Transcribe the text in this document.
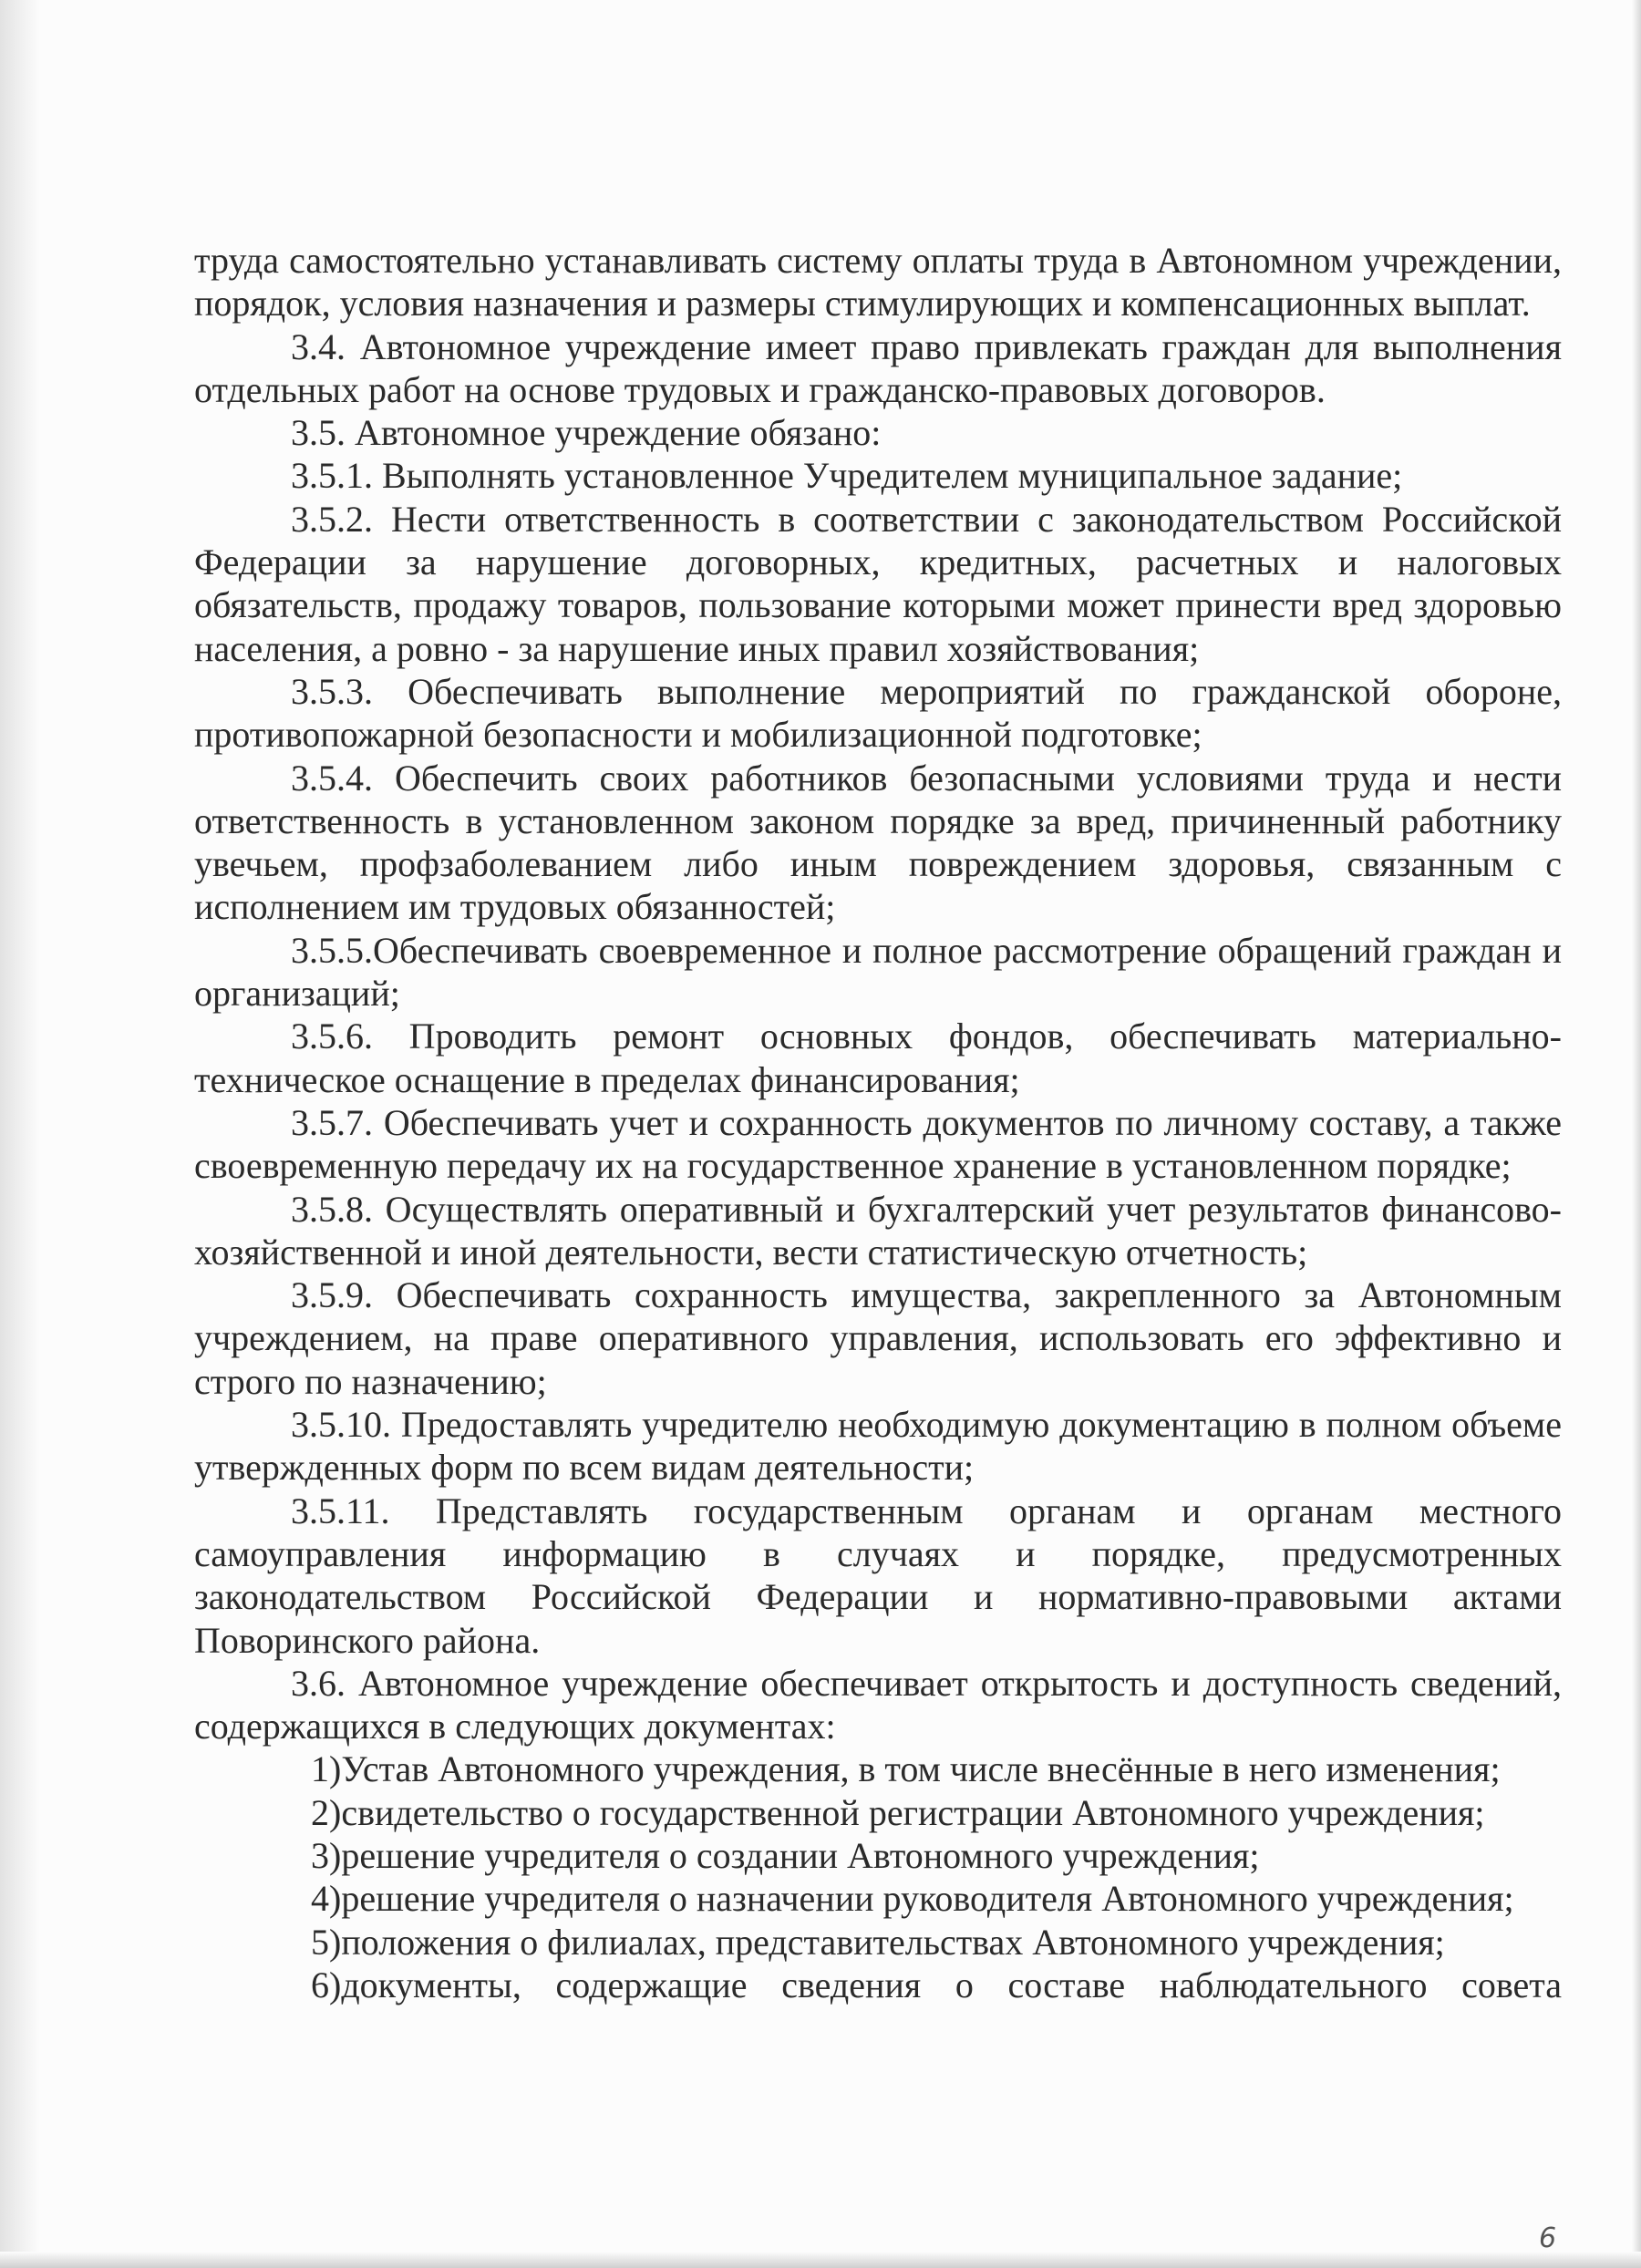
труда самостоятельно устанавливать систему оплаты труда в Автономном учреждении, порядок, условия назначения и размеры стимулирующих и компенсационных выплат.

3.4. Автономное учреждение имеет право привлекать граждан для выполнения отдельных работ на основе трудовых и гражданско-правовых договоров.

3.5. Автономное учреждение обязано:

3.5.1. Выполнять установленное Учредителем муниципальное задание;

3.5.2. Нести ответственность в соответствии с законодательством Российской Федерации за нарушение договорных, кредитных, расчетных и налоговых обязательств, продажу товаров, пользование которыми может принести вред здоровью населения, а ровно - за нарушение иных правил хозяйствования;

3.5.3. Обеспечивать выполнение мероприятий по гражданской обороне, противопожарной безопасности и мобилизационной подготовке;

3.5.4. Обеспечить своих работников безопасными условиями труда и нести ответственность в установленном законом порядке за вред, причиненный работнику увечьем, профзаболеванием либо иным повреждением здоровья, связанным с исполнением им трудовых обязанностей;

3.5.5.Обеспечивать своевременное и полное рассмотрение обращений граждан и организаций;

3.5.6. Проводить ремонт основных фондов, обеспечивать материально-техническое оснащение в пределах финансирования;

3.5.7. Обеспечивать учет и сохранность документов по личному составу, а также своевременную передачу их на государственное хранение в установленном порядке;

3.5.8. Осуществлять оперативный и бухгалтерский учет результатов финансово-хозяйственной и иной деятельности, вести статистическую отчетность;

3.5.9. Обеспечивать сохранность имущества, закрепленного за Автономным учреждением, на праве оперативного управления, использовать его эффективно и строго по назначению;

3.5.10. Предоставлять учредителю необходимую документацию в полном объеме утвержденных форм по всем видам деятельности;

3.5.11. Представлять государственным органам и органам местного самоуправления информацию в случаях и порядке, предусмотренных законодательством Российской Федерации и нормативно-правовыми актами Поворинского района.

3.6. Автономное учреждение обеспечивает открытость и доступность сведений, содержащихся в следующих документах:

1)Устав Автономного учреждения, в том числе внесённые в него изменения;

2)свидетельство о государственной регистрации Автономного учреждения;

3)решение учредителя о создании Автономного учреждения;

4)решение учредителя о назначении руководителя Автономного учреждения;

5)положения о филиалах, представительствах Автономного учреждения;

6)документы, содержащие сведения о составе наблюдательного совета

6
